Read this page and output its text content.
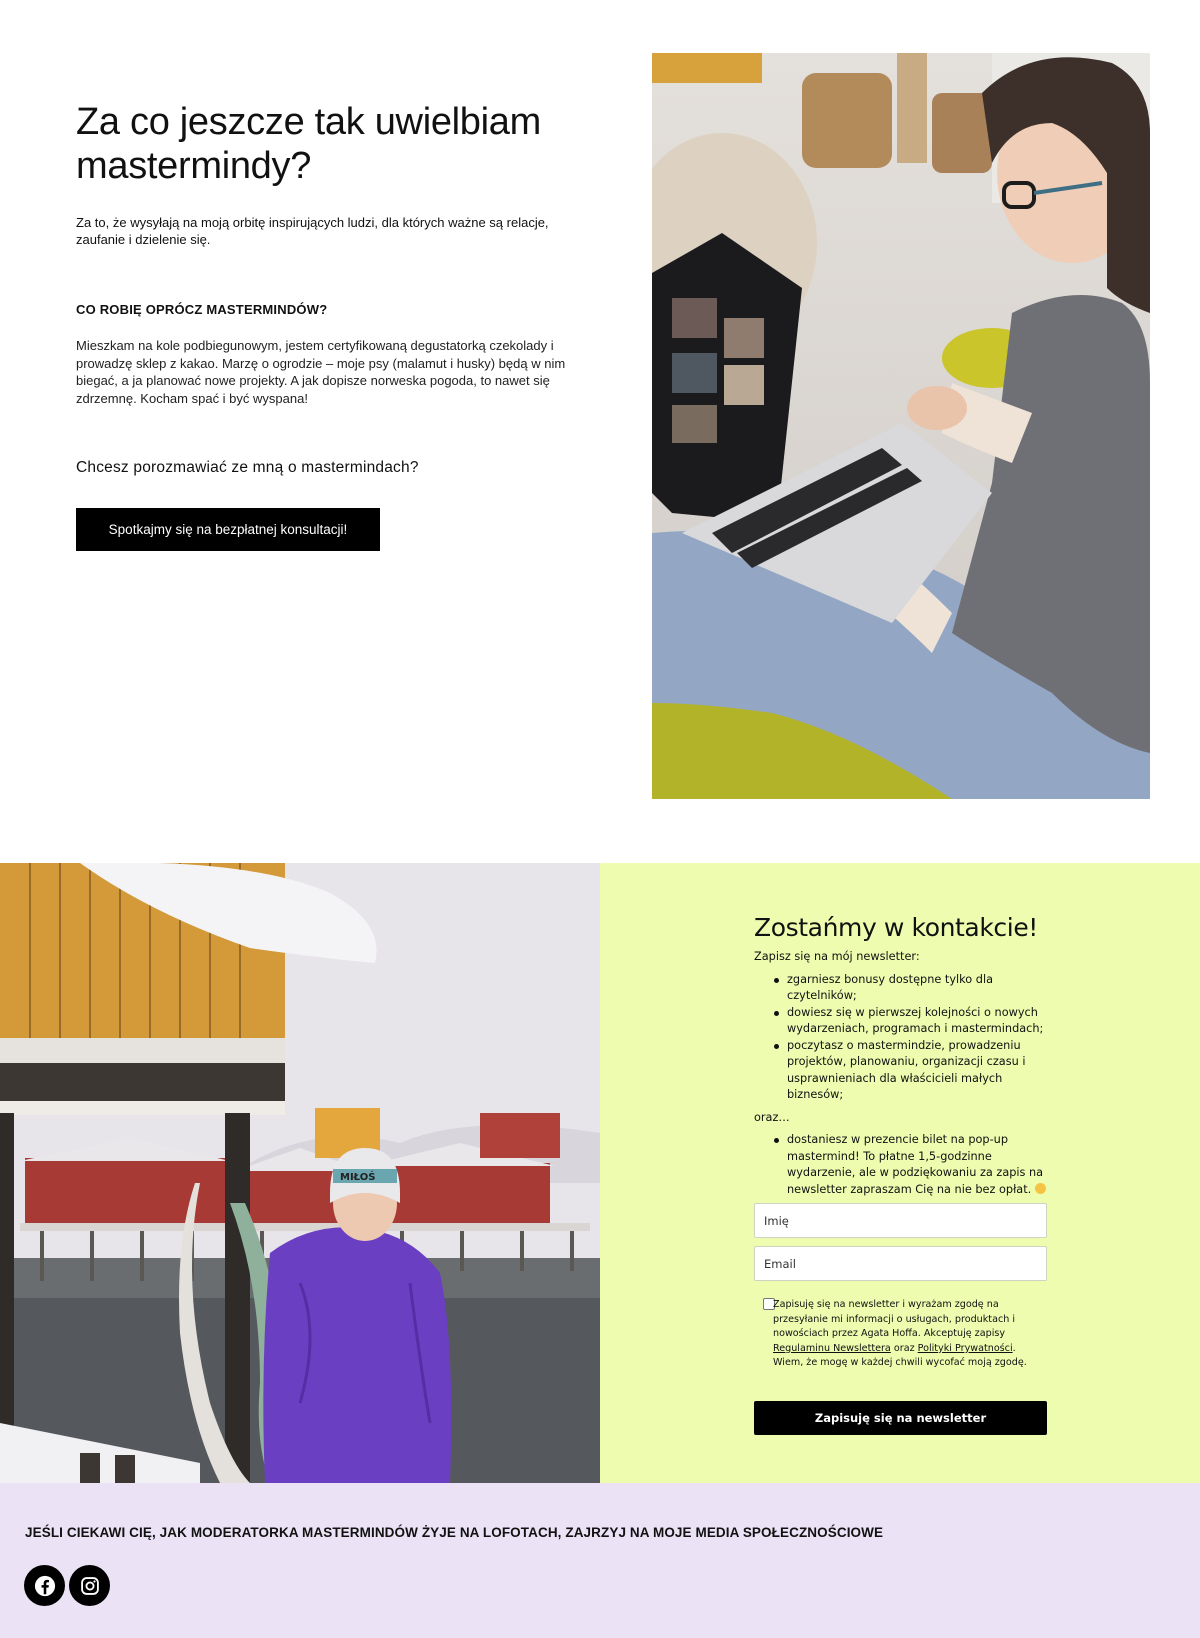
Za co jeszcze tak uwielbiam mastermindy?

Za to, że wysyłają na moją orbitę inspirujących ludzi, dla których ważne są relacje, zaufanie i dzielenie się.

CO ROBIĘ OPRÓCZ MASTERMINDÓW?

Mieszkam na kole podbiegunowym, jestem certyfikowaną degustatorką czekolady i prowadzę sklep z kakao. Marzę o ogrodzie – moje psy (malamut i husky) będą w nim biegać, a ja planować nowe projekty. A jak dopisze norweska pogoda, to nawet się zdrzemnę. Kocham spać i być wyspana!

Chcesz porozmawiać ze mną o mastermindach?

Spotkajmy się na bezpłatnej konsultacji!
MIŁOŚ
Zostańmy w kontakcie!

Zapisz się na mój newsletter:

zgarniesz bonusy dostępne tylko dla czytelników;
dowiesz się w pierwszej kolejności o nowych wydarzeniach, programach i mastermindach;
poczytasz o mastermindzie, prowadzeniu projektów, planowaniu, organizacji czasu i usprawnieniach dla właścicieli małych biznesów;

oraz…

dostaniesz w prezencie bilet na pop-up mastermind! To płatne 1,5-godzinne wydarzenie, ale w podziękowaniu za zapis na newsletter zapraszam Cię na nie bez opłat.
Imię
Email

Zapisuję się na newsletter i wyrażam zgodę na przesyłanie mi informacji o usługach, produktach i nowościach przez Agata Hoffa. Akceptuję zapisy Regulaminu Newslettera oraz Polityki Prywatności. Wiem, że mogę w każdej chwili wycofać moją zgodę.

Zapisuję się na newsletter

JEŚLI CIEKAWI CIĘ, JAK MODERATORKA MASTERMINDÓW ŻYJE NA LOFOTACH, ZAJRZYJ NA MOJE MEDIA SPOŁECZNOŚCIOWE
